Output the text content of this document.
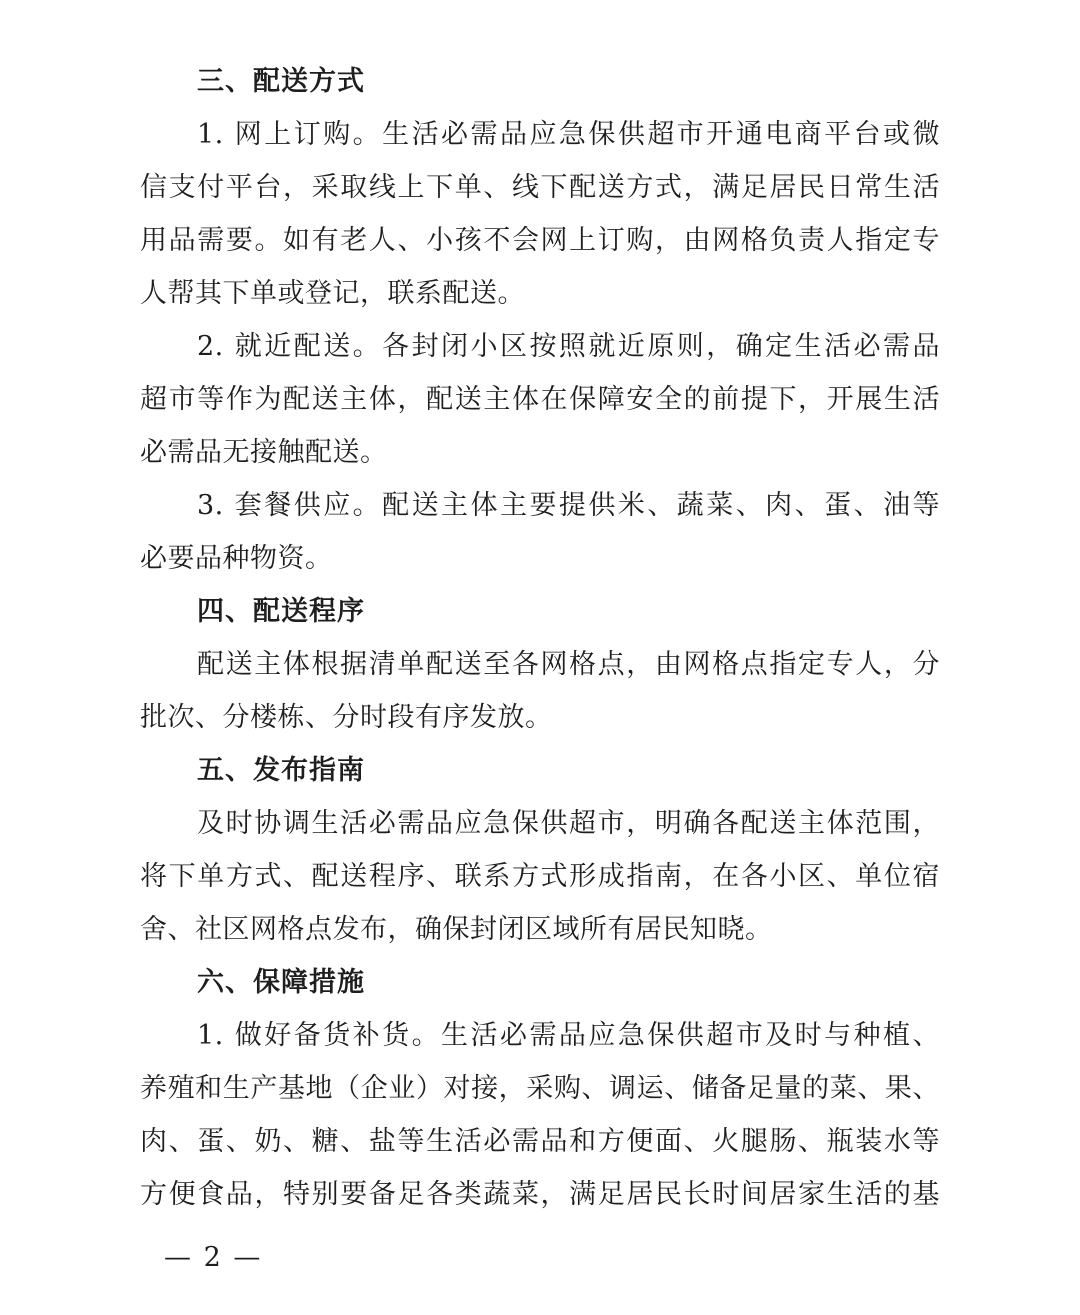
三、配送方式
1. 网上订购。生活必需品应急保供超市开通电商平台或微
信支付平台，采取线上下单、线下配送方式，满足居民日常生活
用品需要。如有老人、小孩不会网上订购，由网格负责人指定专
人帮其下单或登记，联系配送。
2. 就近配送。各封闭小区按照就近原则，确定生活必需品
超市等作为配送主体，配送主体在保障安全的前提下，开展生活
必需品无接触配送。
3. 套餐供应。配送主体主要提供米、蔬菜、肉、蛋、油等
必要品种物资。
四、配送程序
配送主体根据清单配送至各网格点，由网格点指定专人，分
批次、分楼栋、分时段有序发放。
五、发布指南
及时协调生活必需品应急保供超市，明确各配送主体范围，
将下单方式、配送程序、联系方式形成指南，在各小区、单位宿
舍、社区网格点发布，确保封闭区域所有居民知晓。
六、保障措施
1. 做好备货补货。生活必需品应急保供超市及时与种植、
养殖和生产基地（企业）对接，采购、调运、储备足量的菜、果、
肉、蛋、奶、糖、盐等生活必需品和方便面、火腿肠、瓶装水等
方便食品，特别要备足各类蔬菜，满足居民长时间居家生活的基
— 2 —
